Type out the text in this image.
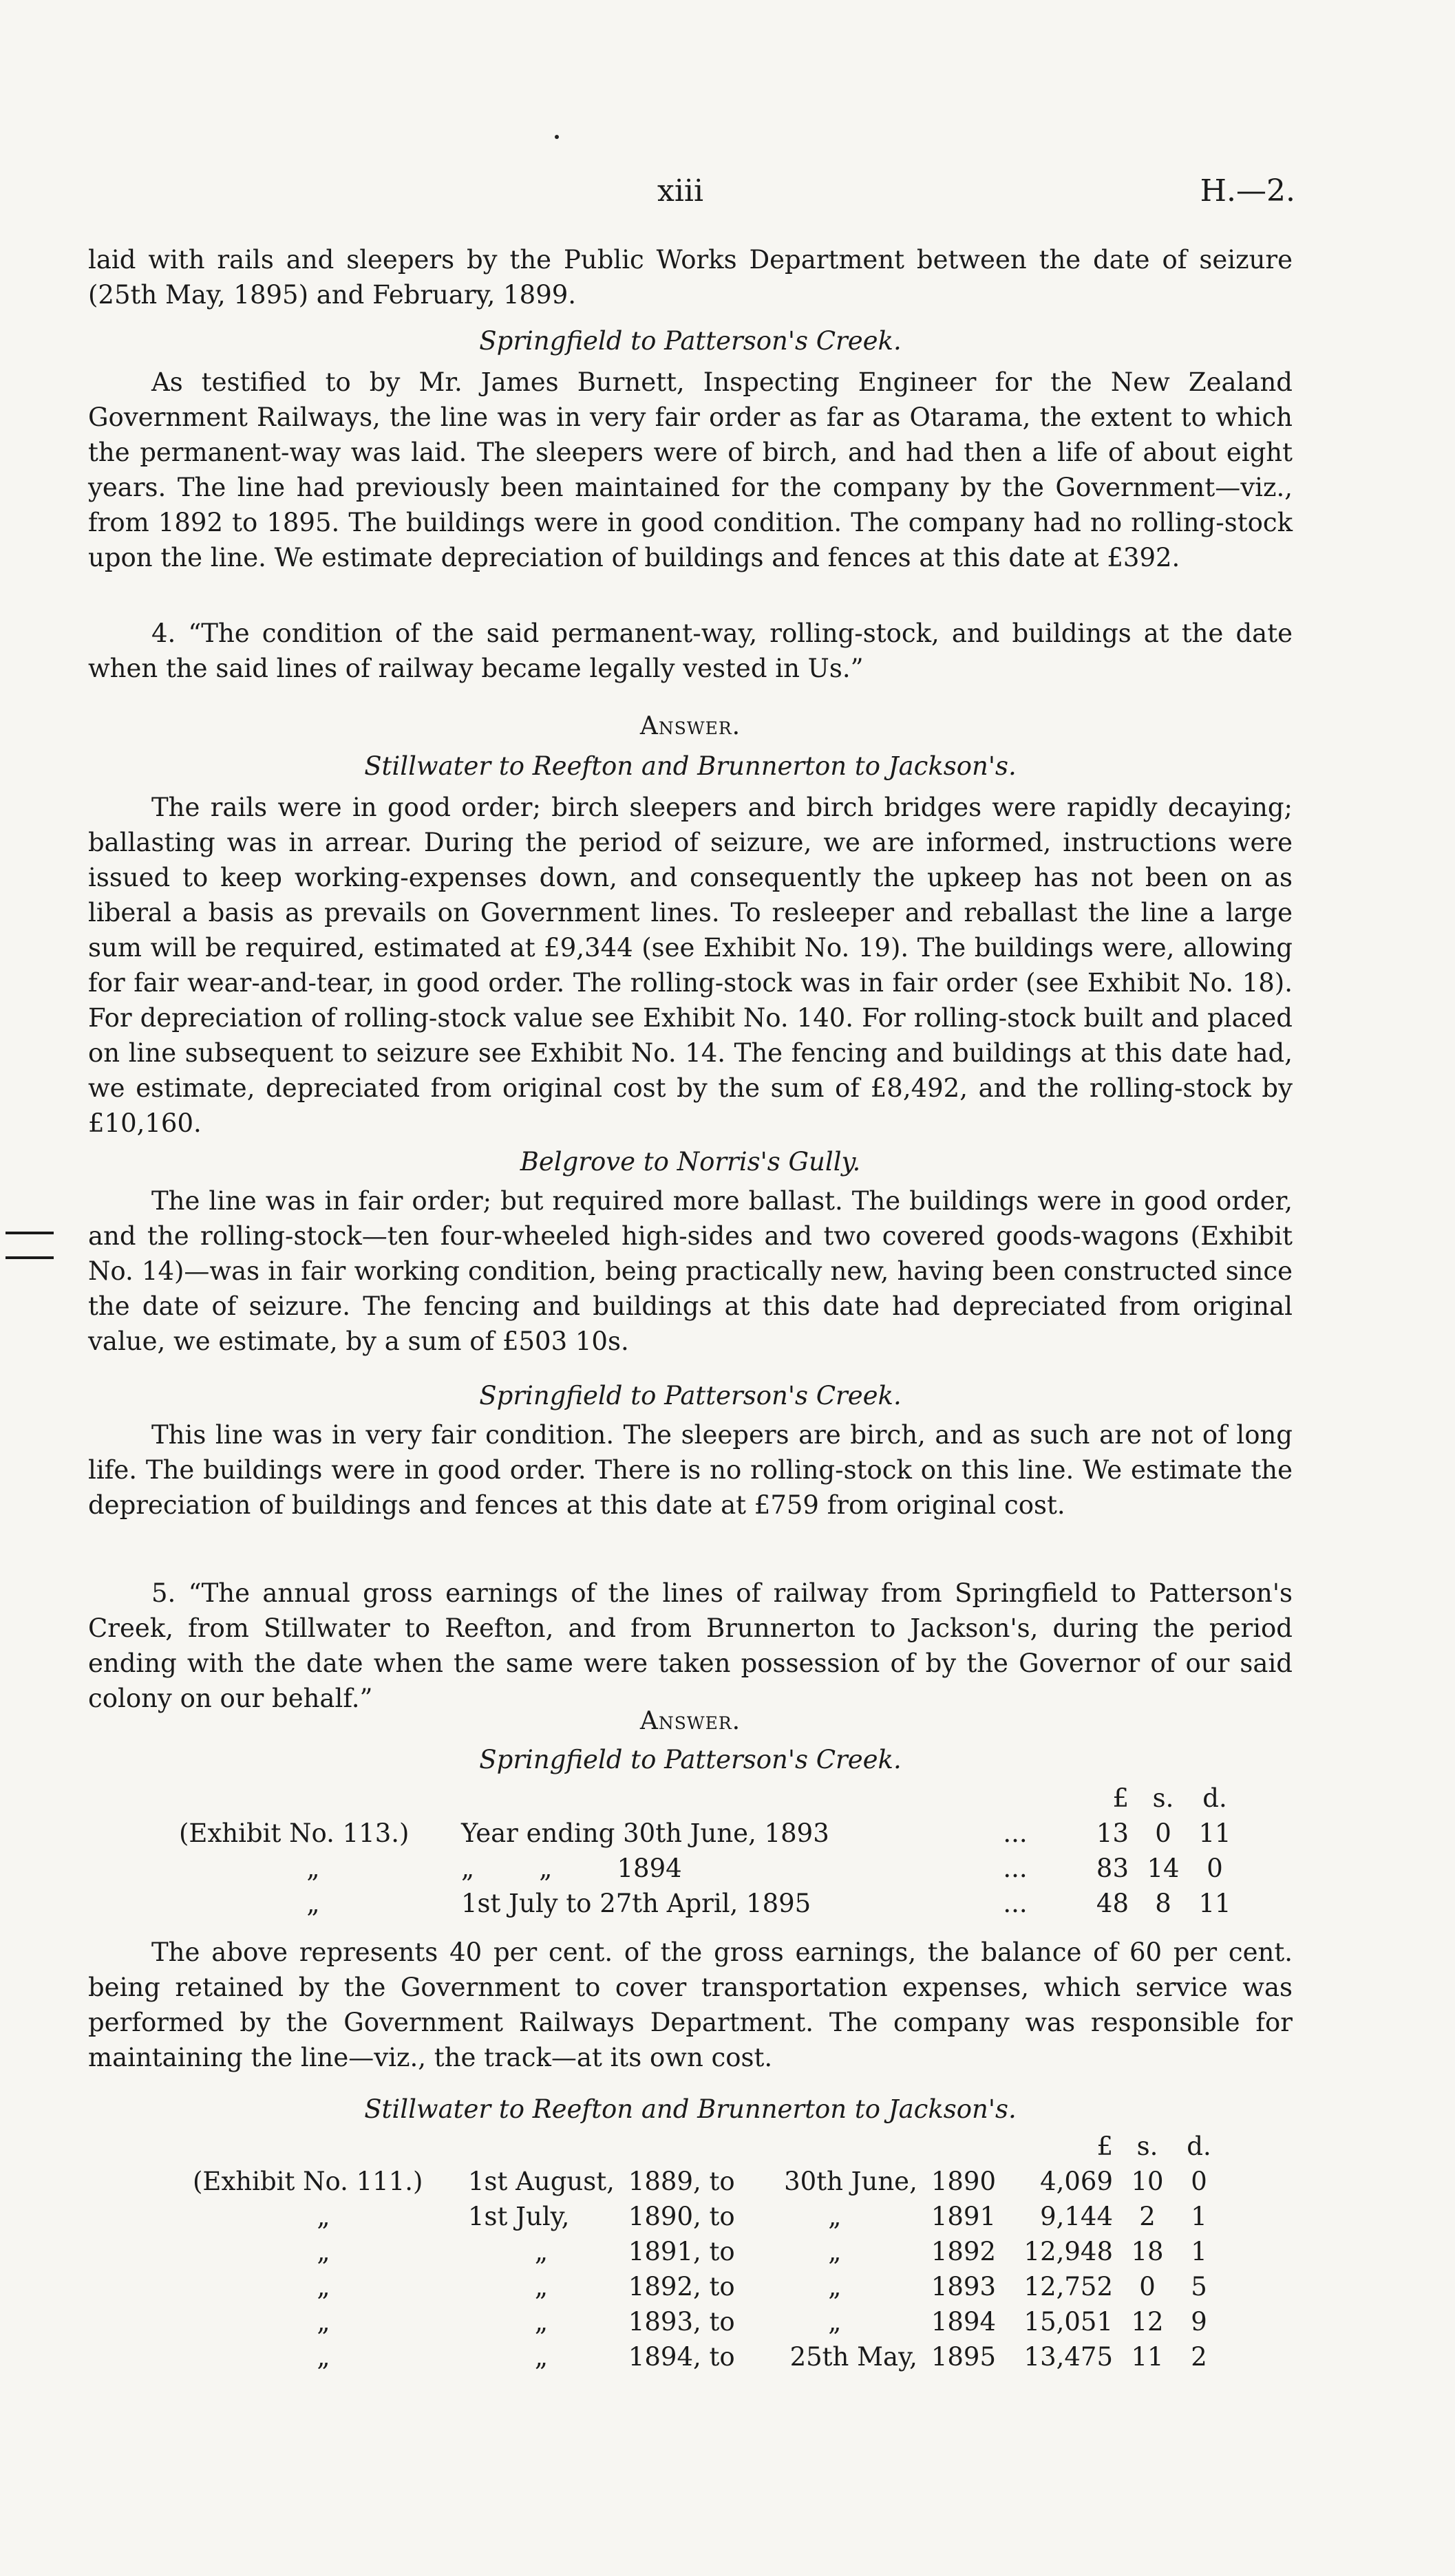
xiii	H.—2.
laid with rails and sleepers by the Public Works Department between the date of seizure (25th May, 1895) and February, 1899.
Springfield to Patterson's Creek.
As testified to by Mr. James Burnett, Inspecting Engineer for the New Zealand Government Railways, the line was in very fair order as far as Otarama, the extent to which the permanent-way was laid. The sleepers were of birch, and had then a life of about eight years. The line had previously been maintained for the company by the Government—viz., from 1892 to 1895. The buildings were in good condition. The company had no rolling-stock upon the line. We estimate depreciation of buildings and fences at this date at £392.
4. “The condition of the said permanent-way, rolling-stock, and buildings at the date when the said lines of railway became legally vested in Us.”
Answer.
Stillwater to Reefton and Brunnerton to Jackson's.
The rails were in good order; birch sleepers and birch bridges were rapidly decaying; ballasting was in arrear. During the period of seizure, we are informed, instructions were issued to keep working-expenses down, and consequently the upkeep has not been on as liberal a basis as prevails on Government lines. To resleeper and reballast the line a large sum will be required, estimated at £9,344 (see Exhibit No. 19). The buildings were, allowing for fair wear-and-tear, in good order. The rolling-stock was in fair order (see Exhibit No. 18). For depreciation of rolling-stock value see Exhibit No. 140. For rolling-stock built and placed on line subsequent to seizure see Exhibit No. 14. The fencing and buildings at this date had, we estimate, depreciated from original cost by the sum of £8,492, and the rolling-stock by £10,160.
Belgrove to Norris's Gully.
The line was in fair order; but required more ballast. The buildings were in good order, and the rolling-stock—ten four-wheeled high-sides and two covered goods-wagons (Exhibit No. 14)—was in fair working condition, being practically new, having been constructed since the date of seizure. The fencing and buildings at this date had depreciated from original value, we estimate, by a sum of £503 10s.
Springfield to Patterson's Creek.
This line was in very fair condition. The sleepers are birch, and as such are not of long life. The buildings were in good order. There is no rolling-stock on this line. We estimate the depreciation of buildings and fences at this date at £759 from original cost.
5. “The annual gross earnings of the lines of railway from Springfield to Patterson's Creek, from Stillwater to Reefton, and from Brunnerton to Jackson's, during the period ending with the date when the same were taken possession of by the Governor of our said colony on our behalf.”
Answer.
Springfield to Patterson's Creek.
			£	s.	d.
(Exhibit No. 113.)	Year ending 30th June, 1893	...	13	0	11
„	„        „        1894	...	83	14	0
„	1st July to 27th April, 1895	...	48	8	11
The above represents 40 per cent. of the gross earnings, the balance of 60 per cent. being retained by the Government to cover transportation expenses, which service was performed by the Government Railways Department. The company was responsible for maintaining the line—viz., the track—at its own cost.
Stillwater to Reefton and Brunnerton to Jackson's.
					£	s.	d.
(Exhibit No. 111.)	1st August,	1889, to	30th June,	1890	4,069	10	0
„	1st July,	1890, to	„	1891	9,144	2	1
„	„	1891, to	„	1892	12,948	18	1
„	„	1892, to	„	1893	12,752	0	5
„	„	1893, to	„	1894	15,051	12	9
„	„	1894, to	25th May,	1895	13,475	11	2
